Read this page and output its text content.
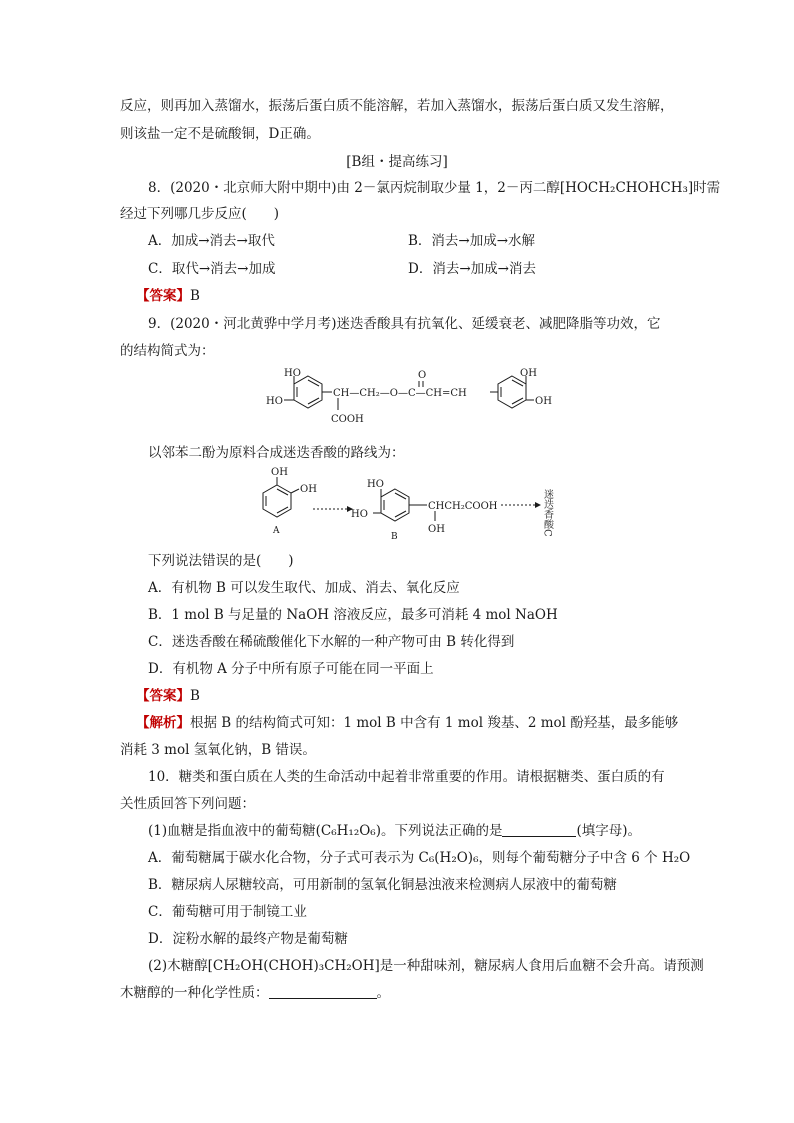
反应，则再加入蒸馏水，振荡后蛋白质不能溶解，若加入蒸馏水，振荡后蛋白质又发生溶解，
则该盐一定不是硫酸铜，D正确。
[B组・提高练习]
8．(2020・北京师大附中期中)由 2－氯丙烷制取少量 1，2－丙二醇[HOCH₂CHOHCH₃]时需
经过下列哪几步反应(　　)
A．加成→消去→取代	B．消去→加成→水解
C．取代→消去→加成	D．消去→加成→消去
【答案】B
9．(2020・河北黄骅中学月考)迷迭香酸具有抗氧化、延缓衰老、减肥降脂等功效，它
的结构简式为：
HO
HO
CH—CH₂—O—C—CH=CH
COOH
O	OH
OH
以邻苯二酚为原料合成迷迭香酸的路线为：
OH
OH
A
HO
HO
CHCH₂COOH
OH
B
迷迭香酸C
下列说法错误的是(　　)
A．有机物 B 可以发生取代、加成、消去、氧化反应
B．1 mol B 与足量的 NaOH 溶液反应，最多可消耗 4 mol NaOH
C．迷迭香酸在稀硫酸催化下水解的一种产物可由 B 转化得到
D．有机物 A 分子中所有原子可能在同一平面上
【答案】B
【解析】根据 B 的结构简式可知：1 mol B 中含有 1 mol 羧基、2 mol 酚羟基，最多能够
消耗 3 mol 氢氧化钠，B 错误。
10．糖类和蛋白质在人类的生命活动中起着非常重要的作用。请根据糖类、蛋白质的有
关性质回答下列问题：
(1)血糖是指血液中的葡萄糖(C₆H₁₂O₆)。下列说法正确的是	(填字母)。
A．葡萄糖属于碳水化合物，分子式可表示为 C₆(H₂O)₆，则每个葡萄糖分子中含 6 个 H₂O
B．糖尿病人尿糖较高，可用新制的氢氧化铜悬浊液来检测病人尿液中的葡萄糖
C．葡萄糖可用于制镜工业
D．淀粉水解的最终产物是葡萄糖
(2)木糖醇[CH₂OH(CHOH)₃CH₂OH]是一种甜味剂，糖尿病人食用后血糖不会升高。请预测
木糖醇的一种化学性质：	。
